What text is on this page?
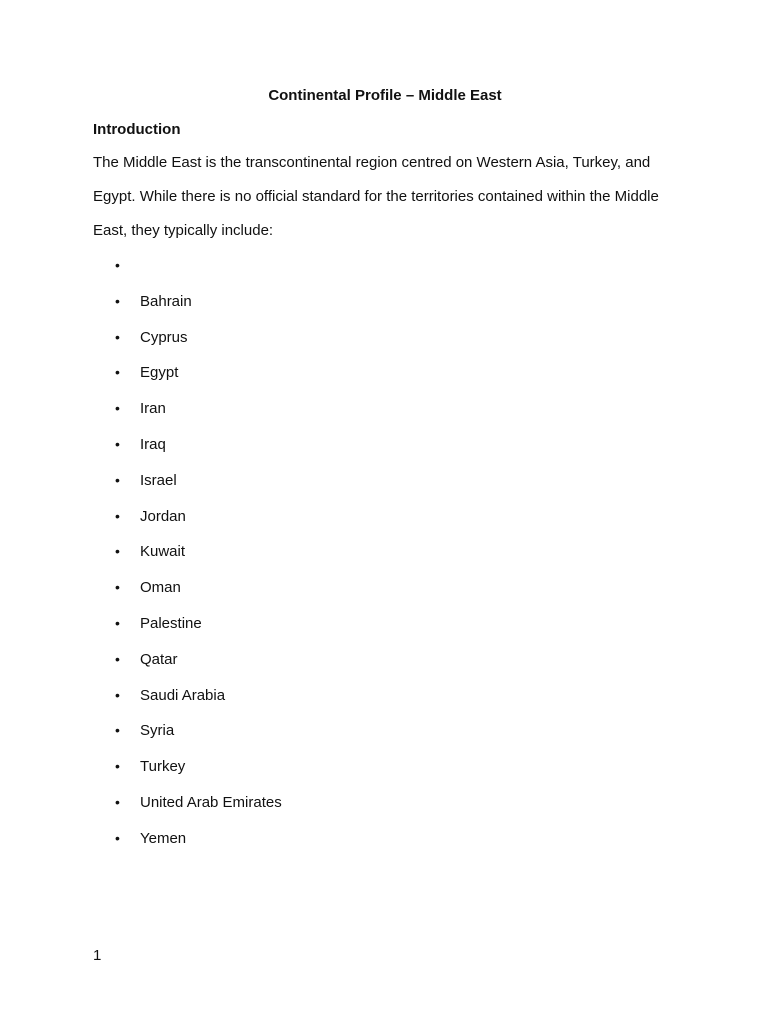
Continental Profile – Middle East
Introduction

The Middle East is the transcontinental region centred on Western Asia, Turkey, and Egypt. While there is no official standard for the territories contained within the Middle East, they typically include:

•
• Bahrain
• Cyprus
• Egypt
• Iran
• Iraq
• Israel
• Jordan
• Kuwait
• Oman
• Palestine
• Qatar
• Saudi Arabia
• Syria
• Turkey
• United Arab Emirates
• Yemen
1
